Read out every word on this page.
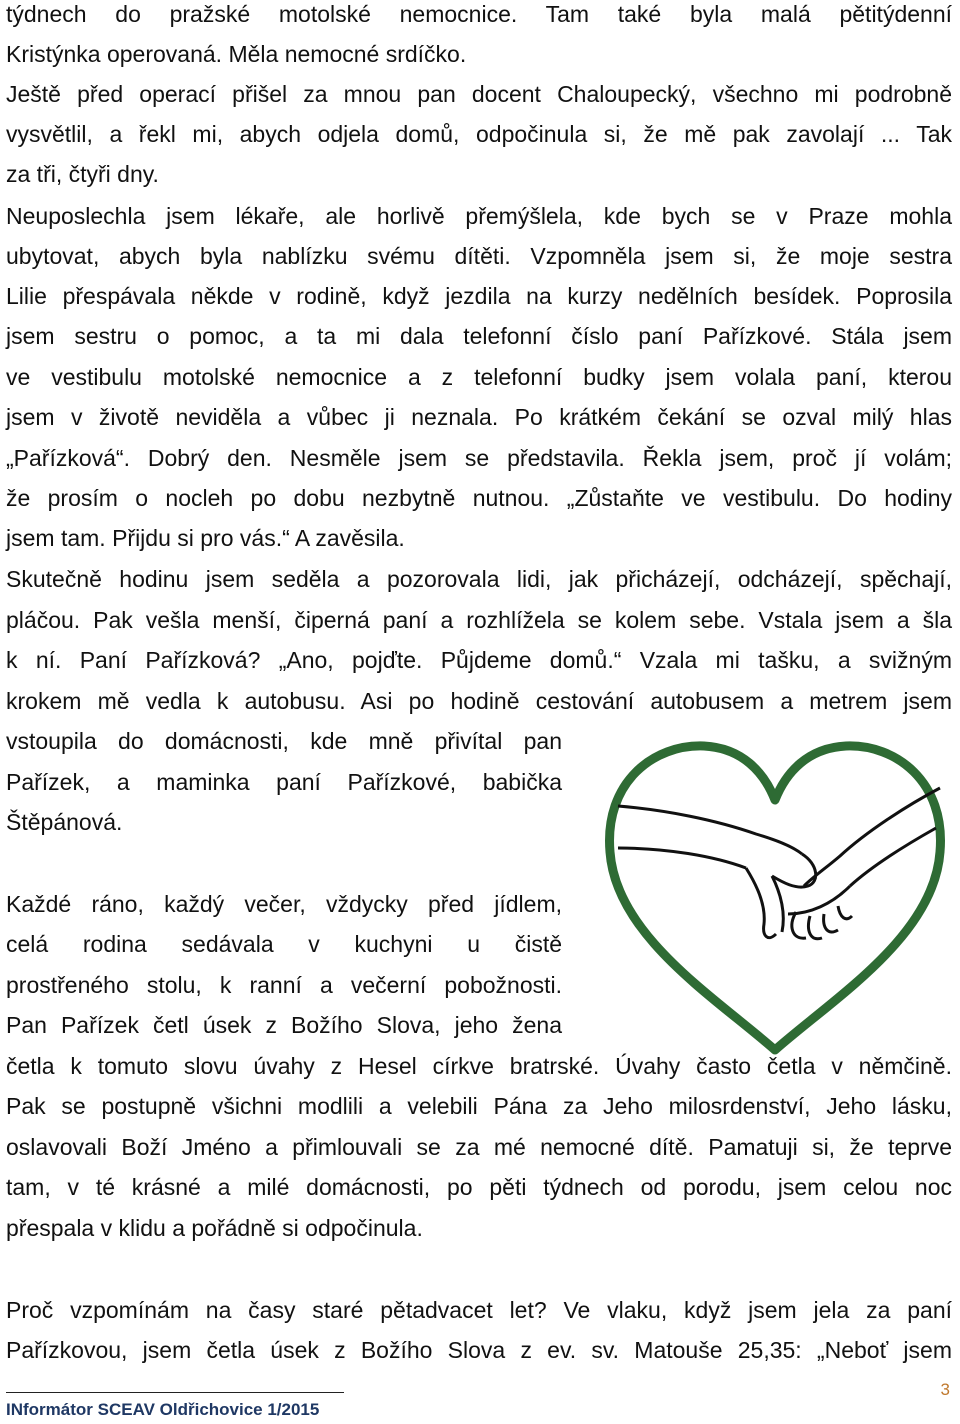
týdnech do pražské motolské nemocnice. Tam také byla malá pětitýdenní
Kristýnka operovaná. Měla nemocné srdíčko.
Ještě před operací přišel za mnou pan docent Chaloupecký, všechno mi podrobně
vysvětlil, a řekl mi, abych odjela domů, odpočinula si, že mě pak zavolají ... Tak
za tři, čtyři dny.
Neuposlechla jsem lékaře, ale horlivě přemýšlela, kde bych se v Praze mohla
ubytovat, abych byla nablízku svému dítěti. Vzpomněla jsem si, že moje sestra
Lilie přespávala někde v rodině, když jezdila na kurzy nedělních besídek. Poprosila
jsem sestru o pomoc, a ta mi dala telefonní číslo paní Pařízkové. Stála jsem
ve vestibulu motolské nemocnice a z telefonní budky jsem volala paní, kterou
jsem v životě neviděla a vůbec ji neznala. Po krátkém čekání se ozval milý hlas
„Pařízková“. Dobrý den. Nesměle jsem se představila. Řekla jsem, proč jí volám;
že prosím o nocleh po dobu nezbytně nutnou. „Zůstaňte ve vestibulu. Do hodiny
jsem tam. Přijdu si pro vás.“ A zavěsila.
Skutečně hodinu jsem seděla a pozorovala lidi, jak přicházejí, odcházejí, spěchají,
pláčou. Pak vešla menší, čiperná paní a rozhlížela se kolem sebe. Vstala jsem a šla
k ní. Paní Pařízková? „Ano, pojďte. Půjdeme domů.“ Vzala mi tašku, a svižným
krokem mě vedla k autobusu. Asi po hodině cestování autobusem a metrem jsem
vstoupila do domácnosti, kde mně přivítal pan
Pařízek, a maminka paní Pařízkové, babička
Štěpánová.
Každé ráno, každý večer, vždycky před jídlem,
celá rodina sedávala v kuchyni u čistě
prostřeného stolu, k ranní a večerní pobožnosti.
Pan Pařízek četl úsek z Božího Slova, jeho žena
četla k tomuto slovu úvahy z Hesel církve bratrské. Úvahy často četla v němčině.
Pak se postupně všichni modlili a velebili Pána za Jeho milosrdenství, Jeho lásku,
oslavovali Boží Jméno a přimlouvali se za mé nemocné dítě. Pamatuji si, že teprve
tam, v té krásné a milé domácnosti, po pěti týdnech od porodu, jsem celou noc
přespala v klidu a pořádně si odpočinula.
Proč vzpomínám na časy staré pětadvacet let? Ve vlaku, když jsem jela za paní
Pařízkovou, jsem četla úsek z Božího Slova z ev. sv. Matouše 25,35: „Neboť jsem
INformátor SCEAV Oldřichovice 1/2015
3
